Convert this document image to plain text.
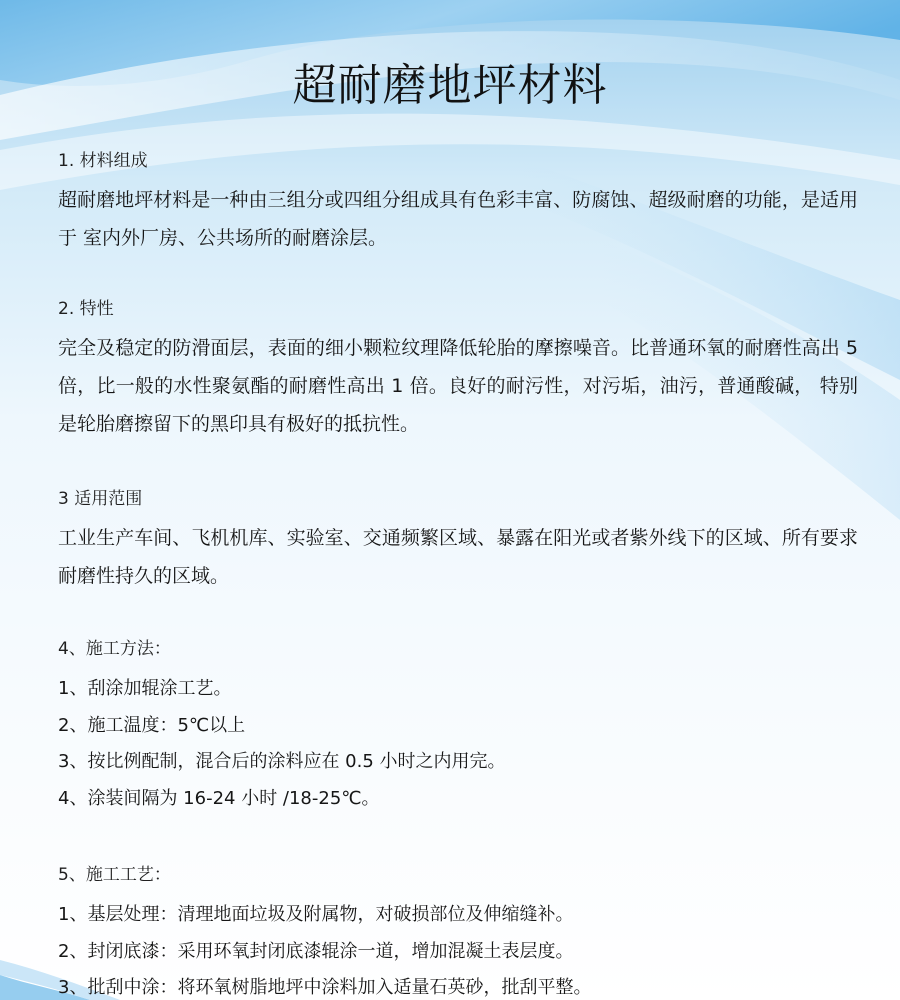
超耐磨地坪材料

1. 材料组成

超耐磨地坪材料是一种由三组分或四组分组成具有色彩丰富、防腐蚀、超级耐磨的功能，是适用于 室内外厂房、公共场所的耐磨涂层。

2. 特性

完全及稳定的防滑面层，表面的细小颗粒纹理降低轮胎的摩擦噪音。比普通环氧的耐磨性高出 5 倍，比一般的水性聚氨酯的耐磨性高出 1 倍。良好的耐污性，对污垢，油污，普通酸碱， 特别是轮胎磨擦留下的黑印具有极好的抵抗性。

3 适用范围

工业生产车间、飞机机库、实验室、交通频繁区域、暴露在阳光或者紫外线下的区域、所有要求耐磨性持久的区域。

4、施工方法：

1、刮涂加辊涂工艺。

2、施工温度：5℃以上

3、按比例配制，混合后的涂料应在 0.5 小时之内用完。

4、涂装间隔为 16-24 小时 /18-25℃。

5、施工工艺：

1、基层处理：清理地面垃圾及附属物，对破损部位及伸缩缝补。

2、封闭底漆：采用环氧封闭底漆辊涂一道，增加混凝土表层度。

3、批刮中涂：将环氧树脂地坪中涂料加入适量石英砂，批刮平整。
